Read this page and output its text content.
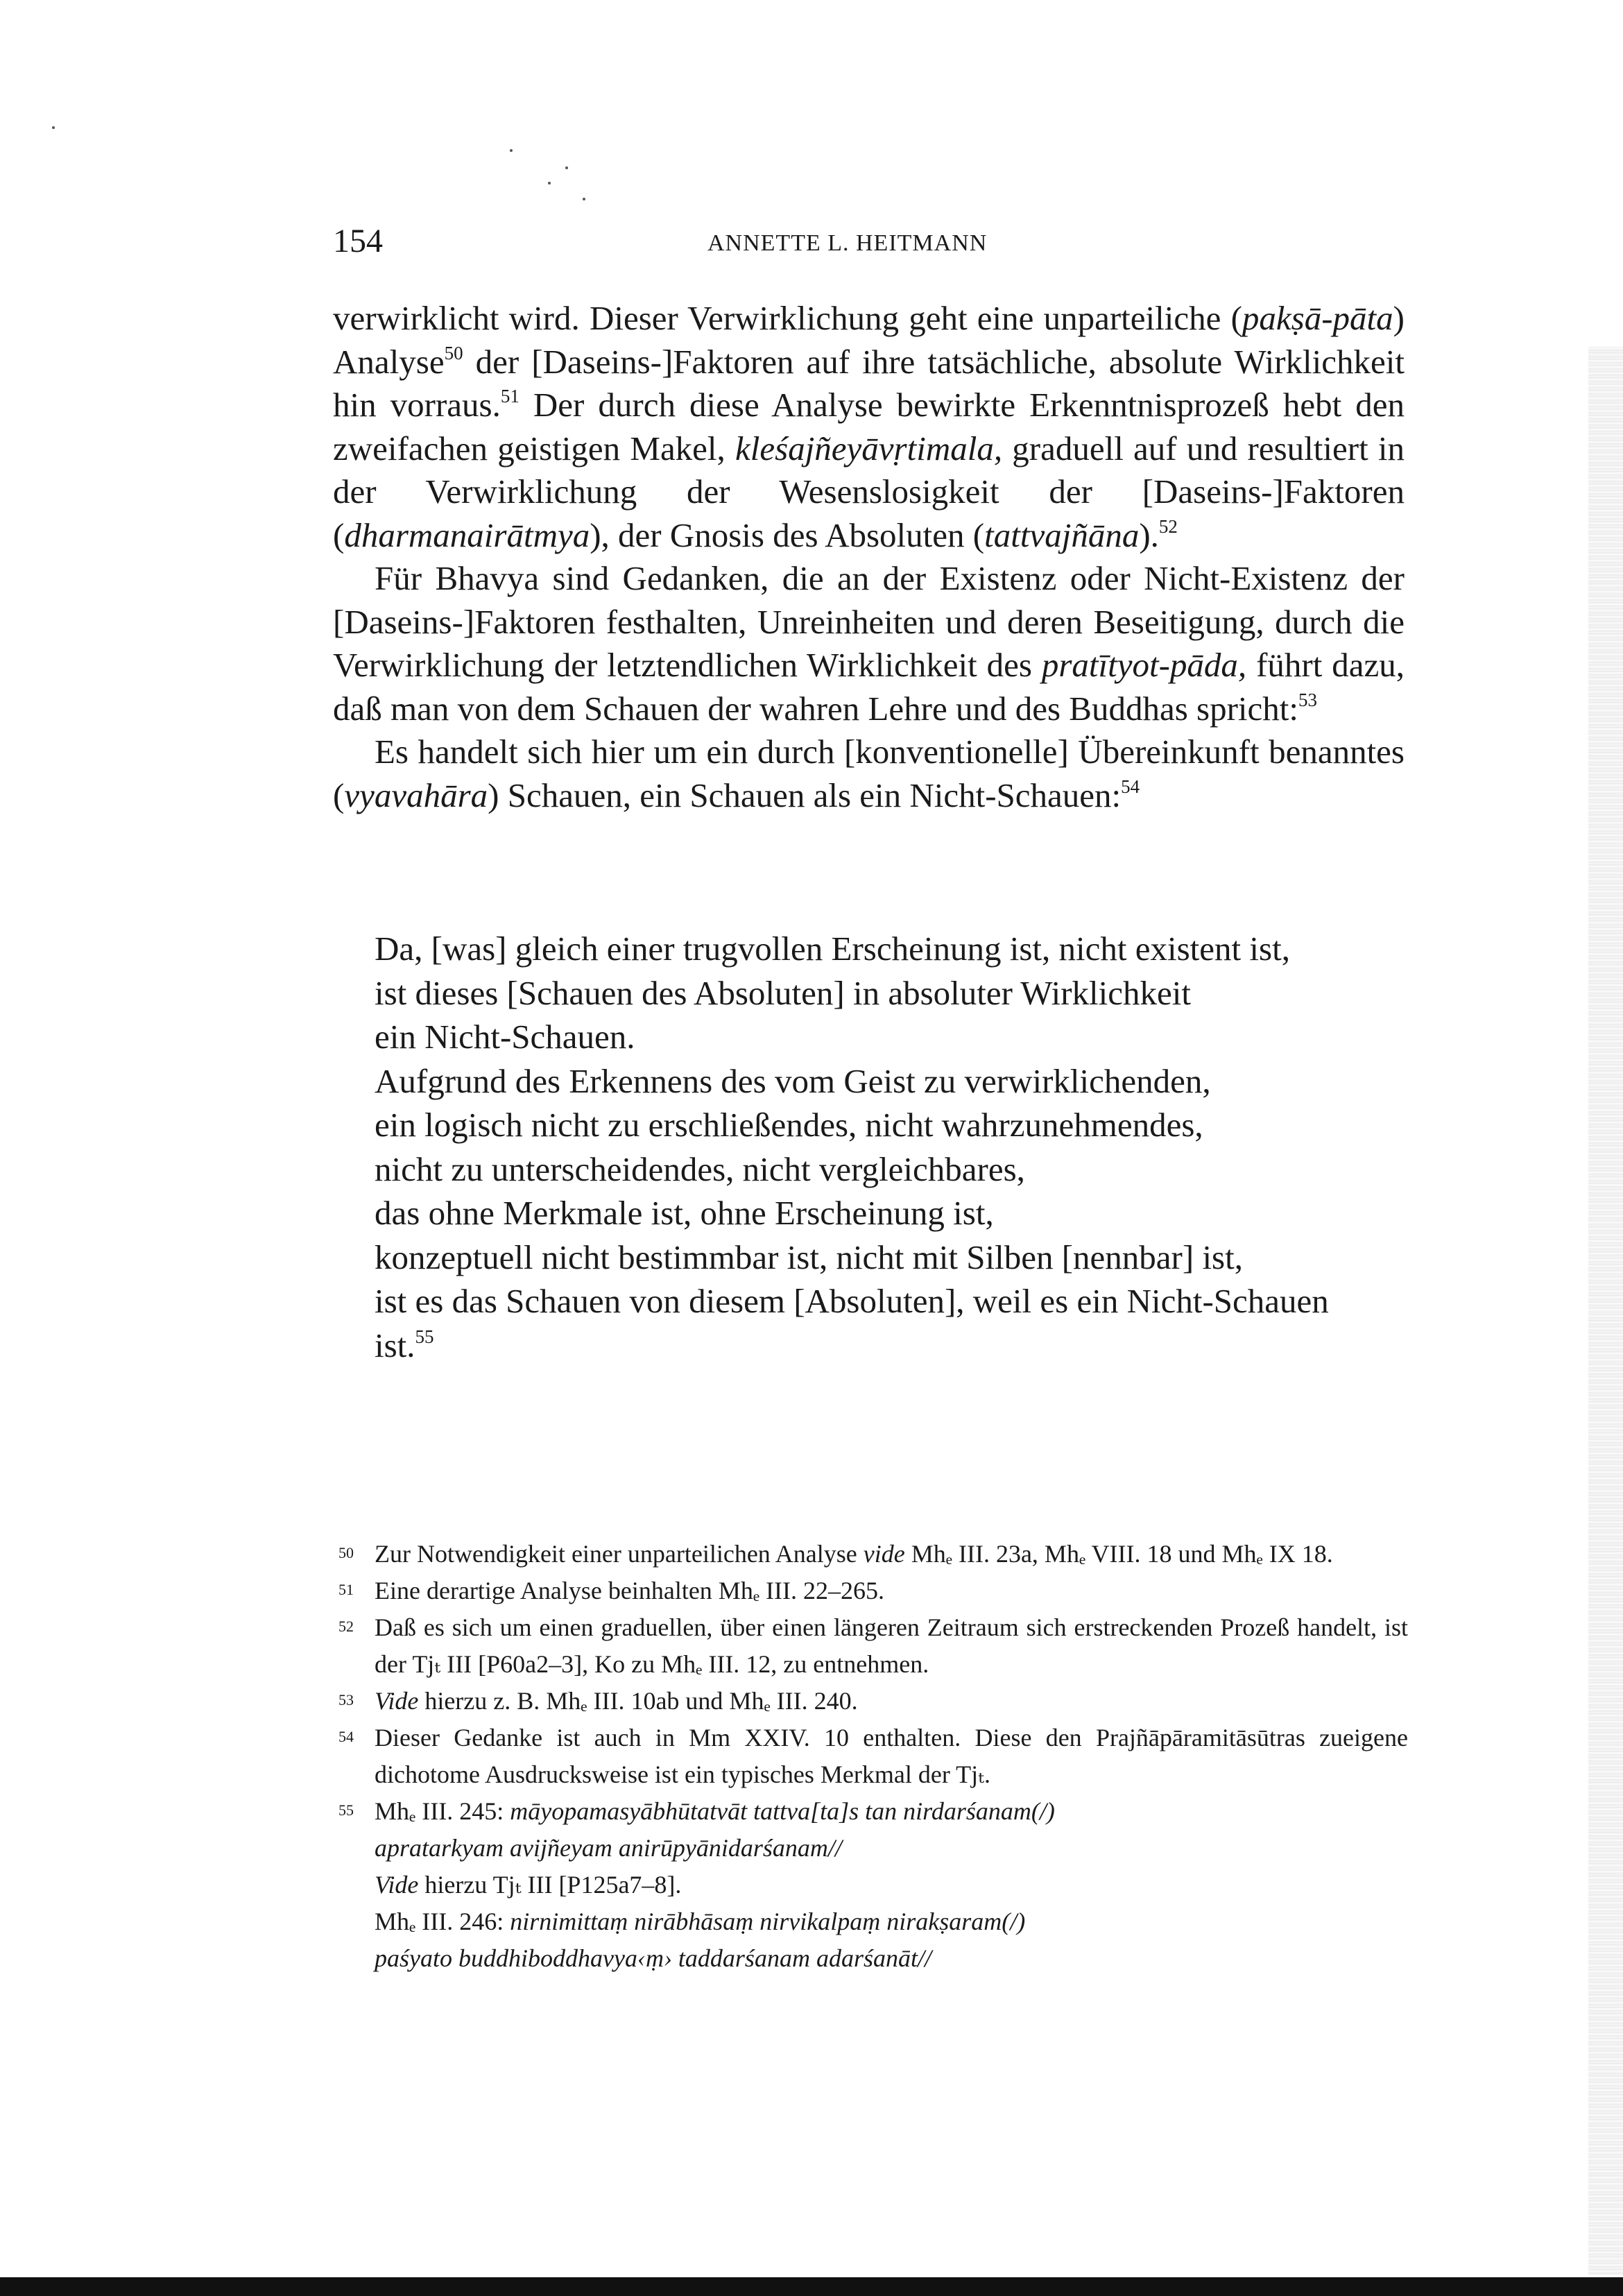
154	ANNETTE L. HEITMANN

verwirklicht wird. Dieser Verwirklichung geht eine unparteiliche (pakṣā-pāta) Analyse$^{50}$ der [Daseins-]Faktoren auf ihre tatsächliche, absolute Wirklichkeit hin vorraus.$^{51}$ Der durch diese Analyse bewirkte Erkenntnisprozeß hebt den zweifachen geistigen Makel, kleśajñeyāvṛtimala, graduell auf und resultiert in der Verwirklichung der Wesenslosigkeit der [Daseins-]Faktoren (dharmanairātmya), der Gnosis des Absoluten (tattvajñāna).$^{52}$

Für Bhavya sind Gedanken, die an der Existenz oder Nicht-Existenz der [Daseins-]Faktoren festhalten, Unreinheiten und deren Beseitigung, durch die Verwirklichung der letztendlichen Wirklichkeit des pratītyot-pāda, führt dazu, daß man von dem Schauen der wahren Lehre und des Buddhas spricht:$^{53}$

Es handelt sich hier um ein durch [konventionelle] Übereinkunft benanntes (vyavahāra) Schauen, ein Schauen als ein Nicht-Schauen:$^{54}$

Da, [was] gleich einer trugvollen Erscheinung ist, nicht existent ist,
ist dieses [Schauen des Absoluten] in absoluter Wirklichkeit
ein Nicht-Schauen.
Aufgrund des Erkennens des vom Geist zu verwirklichenden,
ein logisch nicht zu erschließendes, nicht wahrzunehmendes,
nicht zu unterscheidendes, nicht vergleichbares,
das ohne Merkmale ist, ohne Erscheinung ist,
konzeptuell nicht bestimmbar ist, nicht mit Silben [nennbar] ist,
ist es das Schauen von diesem [Absoluten], weil es ein Nicht-Schauen
ist.$^{55}$
50 Zur Notwendigkeit einer unparteilichen Analyse vide Mhₑ III. 23a, Mhₑ VIII. 18 und Mhₑ IX 18.
51 Eine derartige Analyse beinhalten Mhₑ III. 22–265.
52 Daß es sich um einen graduellen, über einen längeren Zeitraum sich erstreckenden Prozeß handelt, ist der Tjₜ III [P60a2–3], Ko zu Mhₑ III. 12, zu entnehmen.
53 Vide hierzu z. B. Mhₑ III. 10ab und Mhₑ III. 240.
54 Dieser Gedanke ist auch in Mm XXIV. 10 enthalten. Diese den Prajñāpāramitāsūtras zueigene dichotome Ausdrucksweise ist ein typisches Merkmal der Tjₜ.
55 Mhₑ III. 245: māyopamasyābhūtatvāt tattva[ta]s tan nirdarśanam(/)
apratarkyam avijñeyam anirūpyānidarśanam//
Vide hierzu Tjₜ III [P125a7–8].
Mhₑ III. 246: nirnimittaṃ nirābhāsaṃ nirvikalpaṃ nirakṣaram(/)
paśyato buddhiboddhavya‹ṃ› taddarśanam adarśanāt//
